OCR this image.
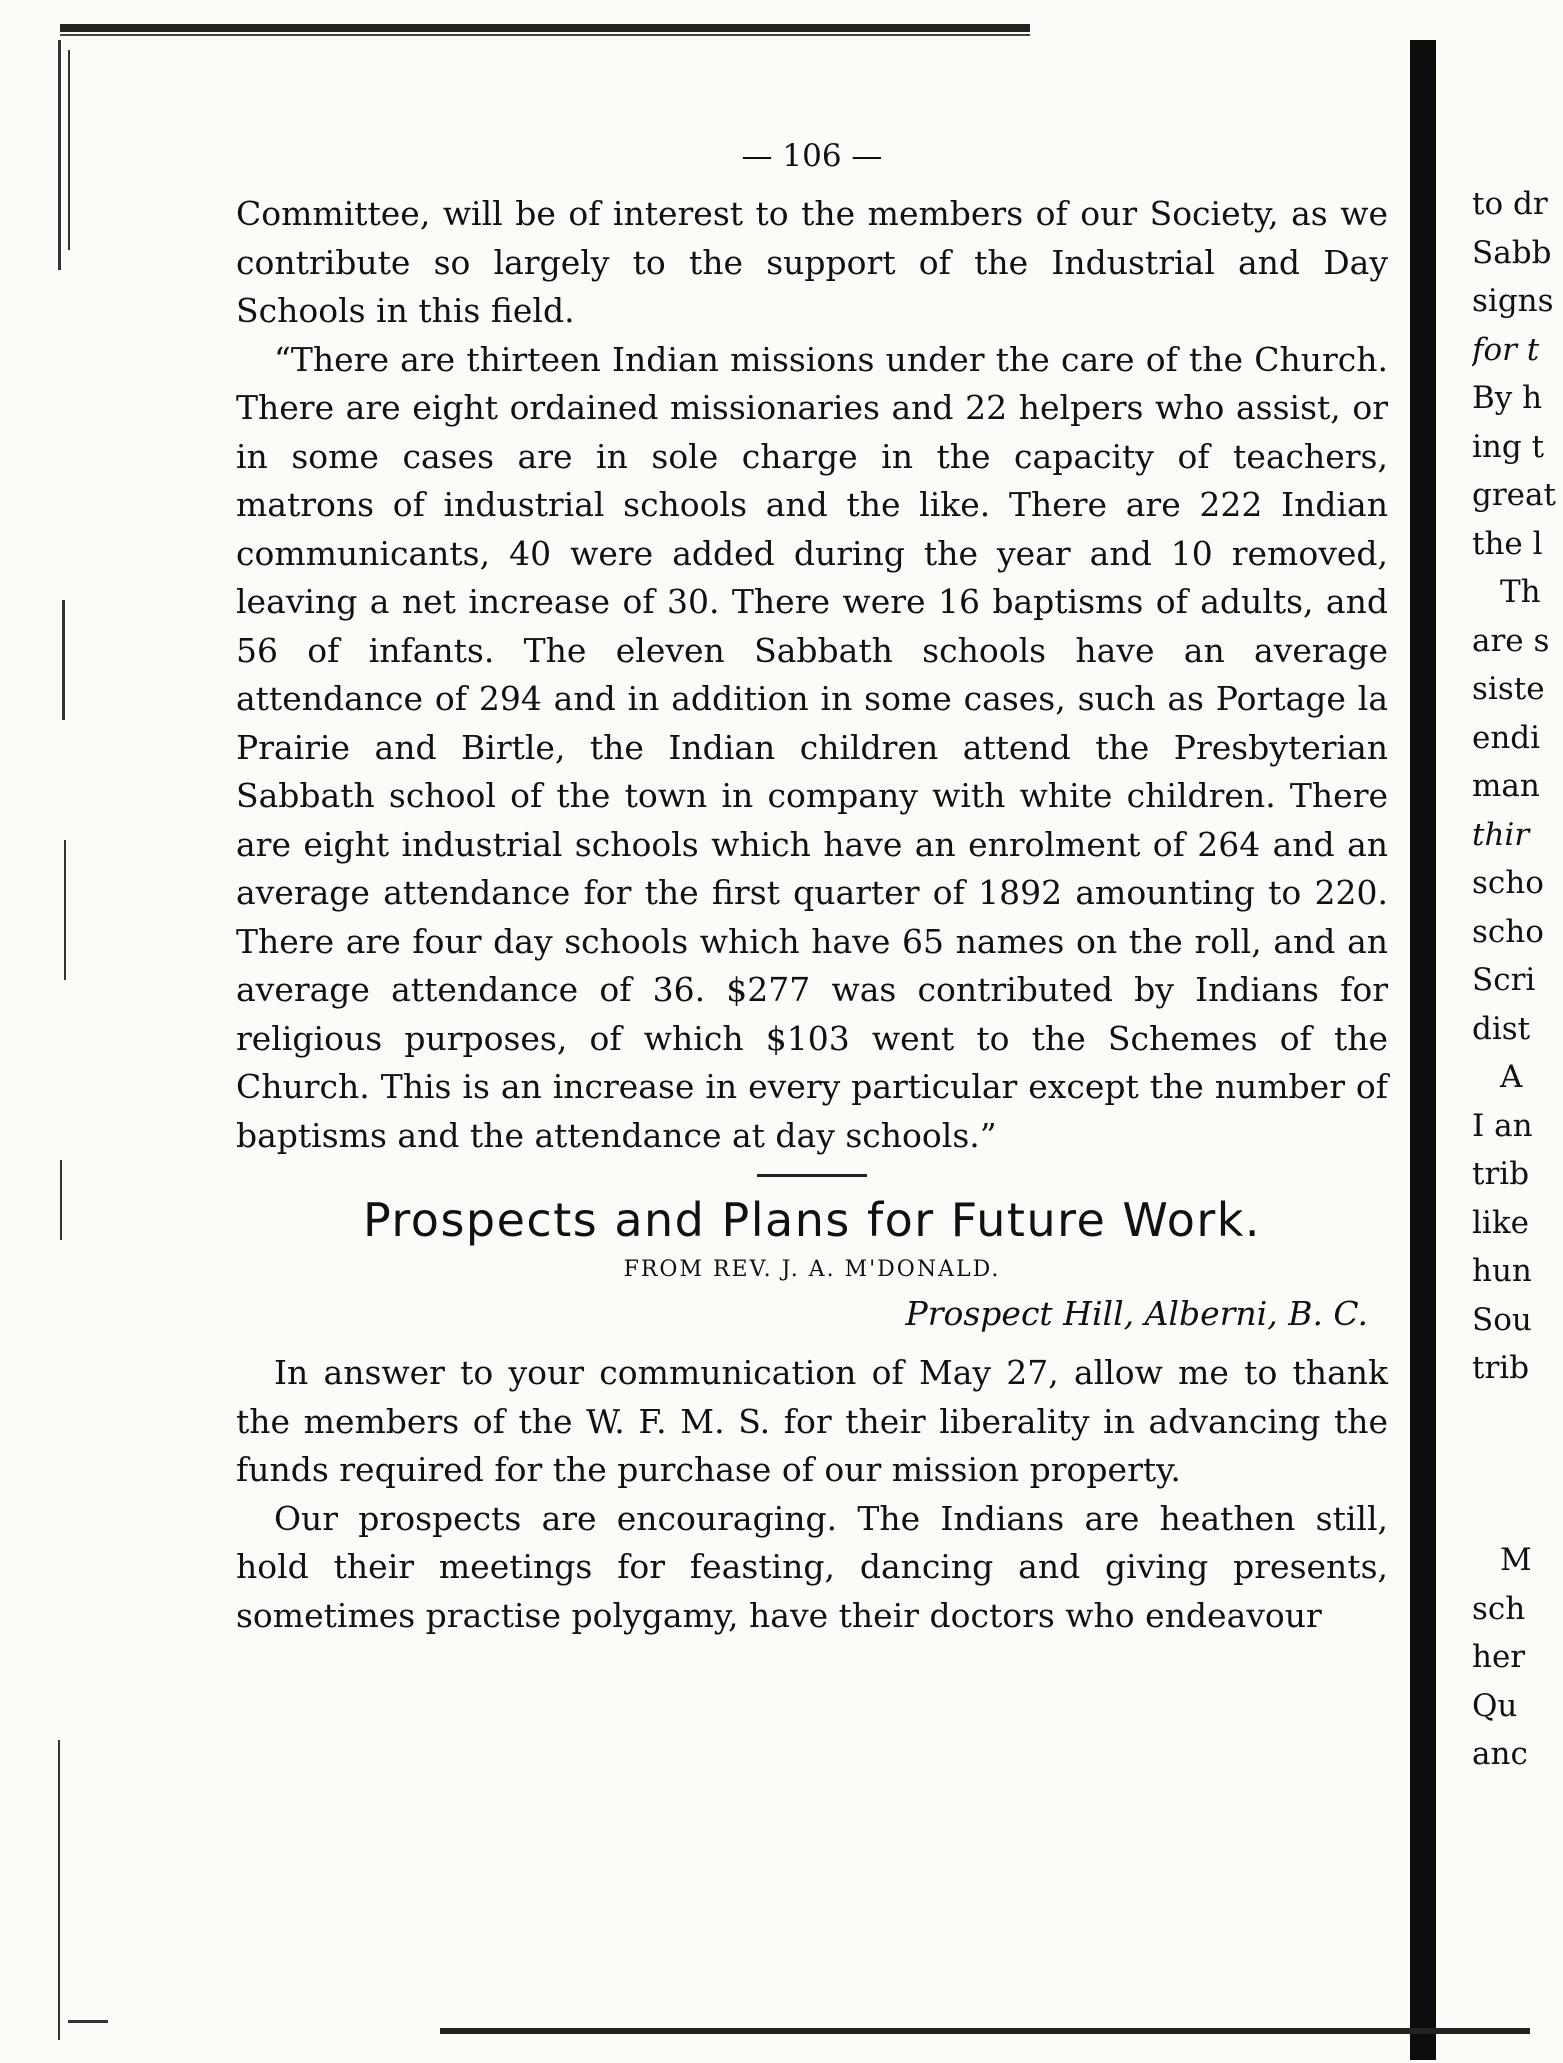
— 106 —

Committee, will be of interest to the members of our Society, as we contribute so largely to the support of the Industrial and Day Schools in this field.

“There are thirteen Indian missions under the care of the Church. There are eight ordained missionaries and 22 helpers who assist, or in some cases are in sole charge in the capacity of teachers, matrons of industrial schools and the like. There are 222 Indian communicants, 40 were added during the year and 10 removed, leaving a net increase of 30. There were 16 baptisms of adults, and 56 of infants. The eleven Sabbath schools have an average attendance of 294 and in addition in some cases, such as Portage la Prairie and Birtle, the Indian children attend the Presbyterian Sabbath school of the town in company with white children. There are eight industrial schools which have an enrolment of 264 and an average attendance for the first quarter of 1892 amounting to 220. There are four day schools which have 65 names on the roll, and an average attendance of 36. $277 was contributed by Indians for religious purposes, of which $103 went to the Schemes of the Church. This is an increase in every particular except the number of baptisms and the attendance at day schools.”

Prospects and Plans for Future Work.
FROM REV. J. A. M'DONALD.
Prospect Hill, Alberni, B. C.

In answer to your communication of May 27, allow me to thank the members of the W. F. M. S. for their liberality in advancing the funds required for the purchase of our mission property.

Our prospects are encouraging. The Indians are heathen still, hold their meetings for feasting, dancing and giving presents, sometimes practise polygamy, have their doctors who endeavour

to dr
Sabb
signs
for t
By h
ing t
great
the l
Th
are s
siste
endi
man
thir
scho
scho
Scri
dist
A
I an
trib
like
hun
Sou
trib
M
sch
her
Qu
anc
